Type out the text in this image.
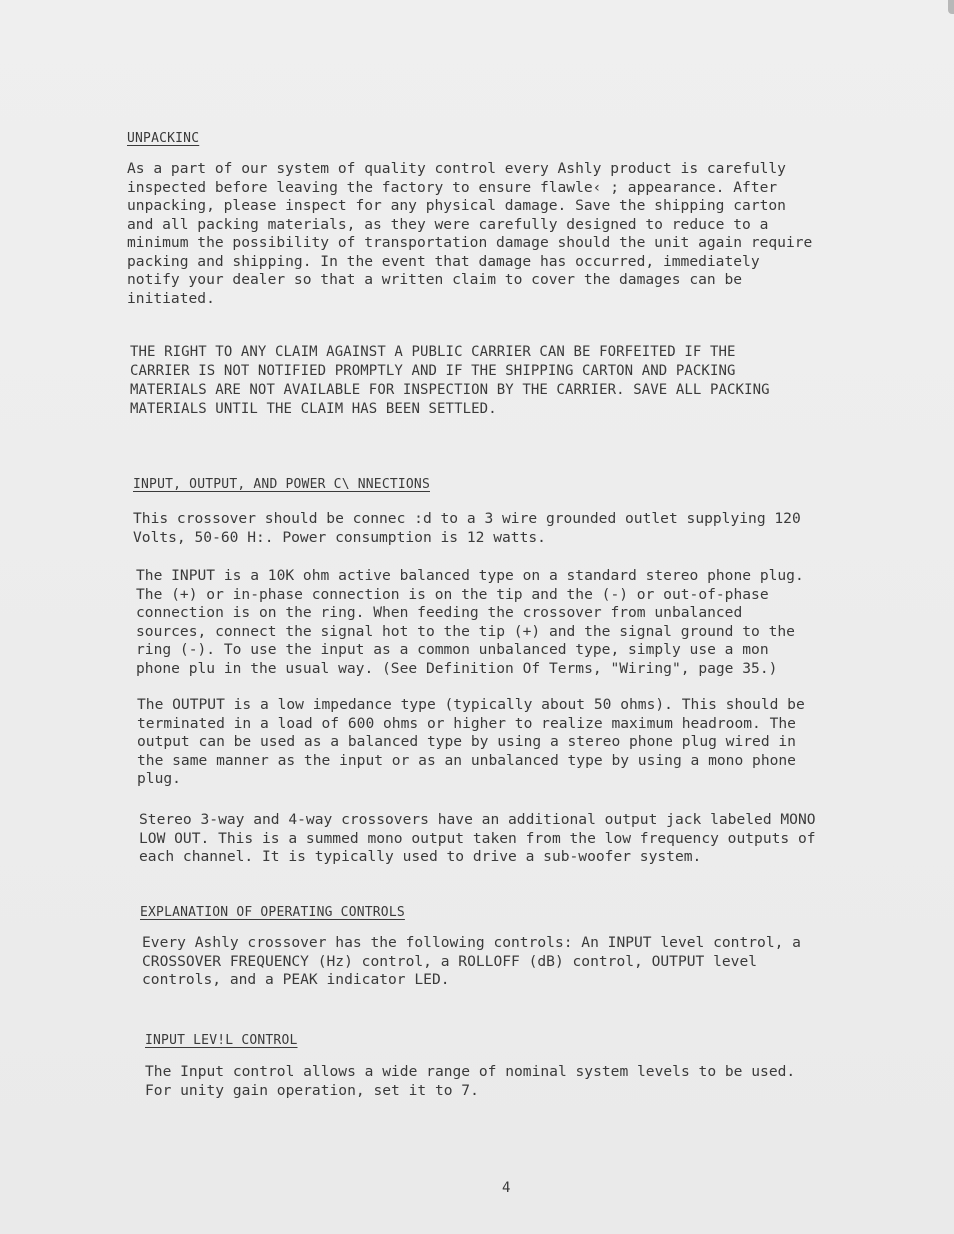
UNPACKINC
As a part of our system of quality control every Ashly product is carefully
inspected before leaving the factory to ensure flawle‹ ; appearance. After
unpacking, please inspect for any physical damage. Save the shipping carton
and all packing materials, as they were carefully designed to reduce to a
minimum the possibility of transportation damage should the unit again require
packing and shipping. In the event that damage has occurred, immediately
notify your dealer so that a written claim to cover the damages can be
initiated.
THE RIGHT TO ANY CLAIM AGAINST A PUBLIC CARRIER CAN BE FORFEITED IF THE
CARRIER IS NOT NOTIFIED PROMPTLY AND IF THE SHIPPING CARTON AND PACKING
MATERIALS ARE NOT AVAILABLE FOR INSPECTION BY THE CARRIER. SAVE ALL PACKING
MATERIALS UNTIL THE CLAIM HAS BEEN SETTLED.
INPUT, OUTPUT, AND POWER C\ NNECTIONS
This crossover should be connec :d to a 3 wire grounded outlet supplying 120
Volts, 50-60 H:. Power consumption is 12 watts.
The INPUT is a 10K ohm active balanced type on a standard stereo phone plug.
The (+) or in-phase connection is on the tip and the (-) or out-of-phase
connection is on the ring. When feeding the crossover from unbalanced
sources, connect the signal hot to the tip (+) and the signal ground to the
ring (-). To use the input as a common unbalanced type, simply use a mon
phone plu in the usual way. (See Definition Of Terms, "Wiring", page 35.)
The OUTPUT is a low impedance type (typically about 50 ohms). This should be
terminated in a load of 600 ohms or higher to realize maximum headroom. The
output can be used as a balanced type by using a stereo phone plug wired in
the same manner as the input or as an unbalanced type by using a mono phone
plug.
Stereo 3-way and 4-way crossovers have an additional output jack labeled MONO
LOW OUT. This is a summed mono output taken from the low frequency outputs of
each channel. It is typically used to drive a sub-woofer system.
EXPLANATION OF OPERATING CONTROLS
Every Ashly crossover has the following controls: An INPUT level control, a
CROSSOVER FREQUENCY (Hz) control, a ROLLOFF (dB) control, OUTPUT level
controls, and a PEAK indicator LED.
INPUT LEV!L CONTROL
The Input control allows a wide range of nominal system levels to be used.
For unity gain operation, set it to 7.
4
